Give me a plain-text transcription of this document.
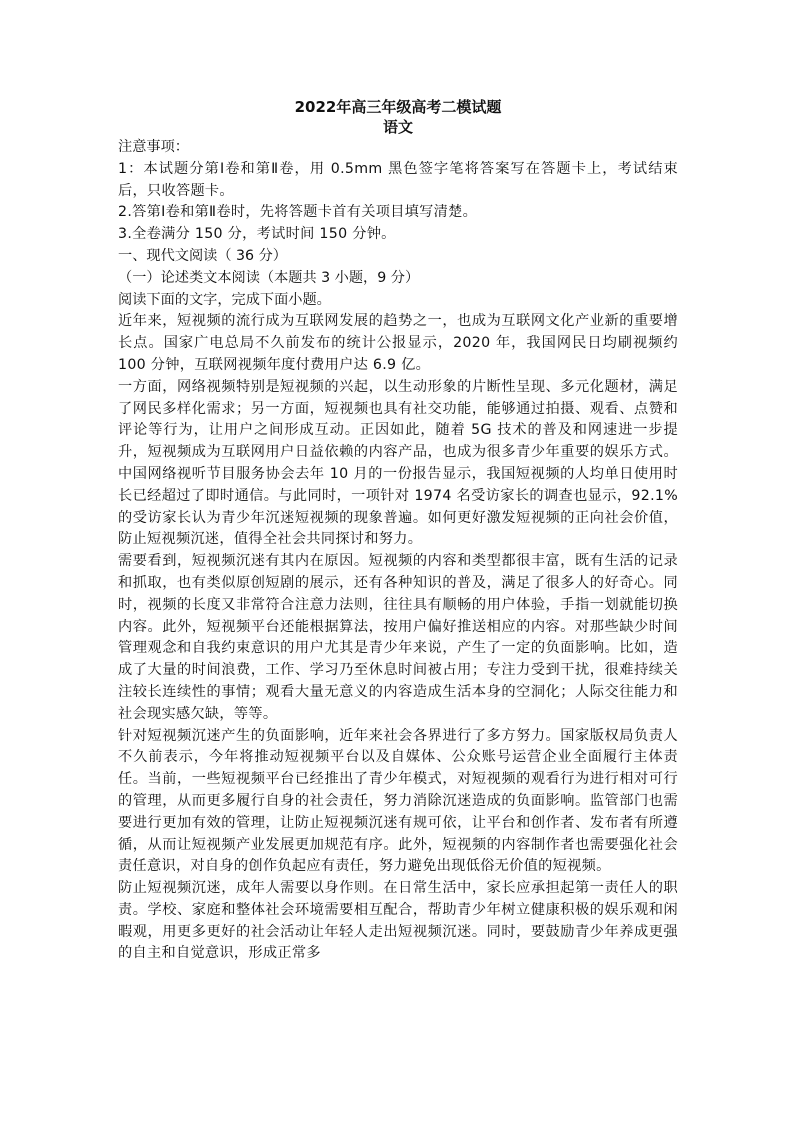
2022年高三年级高考二模试题
语文
注意事项：
1：本试题分第Ⅰ卷和第Ⅱ卷，用 0.5mm 黑色签字笔将答案写在答题卡上，考试结束后，只收答题卡。
2.答第Ⅰ卷和第Ⅱ卷时，先将答题卡首有关项目填写清楚。
3.全卷满分 150 分，考试时间 150 分钟。
一、现代文阅读（ 36 分）
（一）论述类文本阅读（本题共 3 小题，9 分）
阅读下面的文字，完成下面小题。
近年来，短视频的流行成为互联网发展的趋势之一，也成为互联网文化产业新的重要增长点。国家广电总局不久前发布的统计公报显示，2020 年，我国网民日均刷视频约 100 分钟，互联网视频年度付费用户达 6.9 亿。
一方面，网络视频特别是短视频的兴起，以生动形象的片断性呈现、多元化题材，满足了网民多样化需求；另一方面，短视频也具有社交功能，能够通过拍摄、观看、点赞和评论等行为，让用户之间形成互动。正因如此，随着 5G 技术的普及和网速进一步提升，短视频成为互联网用户日益依赖的内容产品，也成为很多青少年重要的娱乐方式。中国网络视听节目服务协会去年 10 月的一份报告显示，我国短视频的人均单日使用时长已经超过了即时通信。与此同时，一项针对 1974 名受访家长的调查也显示，92.1%的受访家长认为青少年沉迷短视频的现象普遍。如何更好激发短视频的正向社会价值，防止短视频沉迷，值得全社会共同探讨和努力。
需要看到，短视频沉迷有其内在原因。短视频的内容和类型都很丰富，既有生活的记录和抓取，也有类似原创短剧的展示，还有各种知识的普及，满足了很多人的好奇心。同时，视频的长度又非常符合注意力法则，往往具有顺畅的用户体验，手指一划就能切换内容。此外，短视频平台还能根据算法，按用户偏好推送相应的内容。对那些缺少时间管理观念和自我约束意识的用户尤其是青少年来说，产生了一定的负面影响。比如，造成了大量的时间浪费，工作、学习乃至休息时间被占用；专注力受到干扰，很难持续关注较长连续性的事情；观看大量无意义的内容造成生活本身的空洞化；人际交往能力和社会现实感欠缺，等等。
针对短视频沉迷产生的负面影响，近年来社会各界进行了多方努力。国家版权局负责人不久前表示，今年将推动短视频平台以及自媒体、公众账号运营企业全面履行主体责任。当前，一些短视频平台已经推出了青少年模式，对短视频的观看行为进行相对可行的管理，从而更多履行自身的社会责任，努力消除沉迷造成的负面影响。监管部门也需要进行更加有效的管理，让防止短视频沉迷有规可依，让平台和创作者、发布者有所遵循，从而让短视频产业发展更加规范有序。此外，短视频的内容制作者也需要强化社会责任意识，对自身的创作负起应有责任，努力避免出现低俗无价值的短视频。
防止短视频沉迷，成年人需要以身作则。在日常生活中，家长应承担起第一责任人的职责。学校、家庭和整体社会环境需要相互配合，帮助青少年树立健康积极的娱乐观和闲暇观，用更多更好的社会活动让年轻人走出短视频沉迷。同时，要鼓励青少年养成更强的自主和自觉意识，形成正常多
